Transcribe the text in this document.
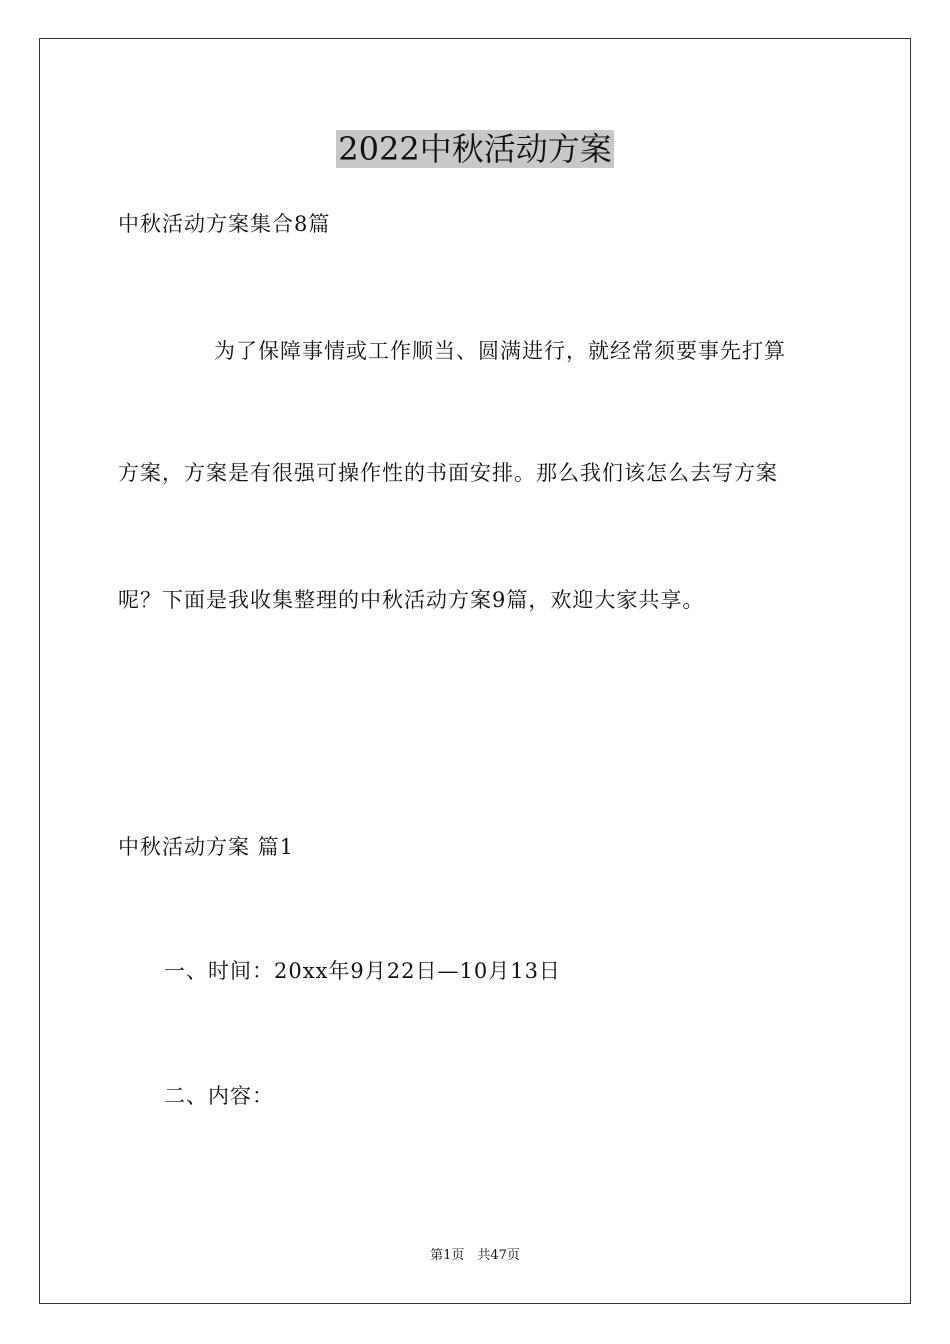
2022中秋活动方案
中秋活动方案集合8篇
为了保障事情或工作顺当、圆满进行，就经常须要事先打算
方案，方案是有很强可操作性的书面安排。那么我们该怎么去写方案
呢？下面是我收集整理的中秋活动方案9篇，欢迎大家共享。
中秋活动方案 篇1
一、时间：20xx年9月22日—10月13日
二、内容：
第1页　共47页
